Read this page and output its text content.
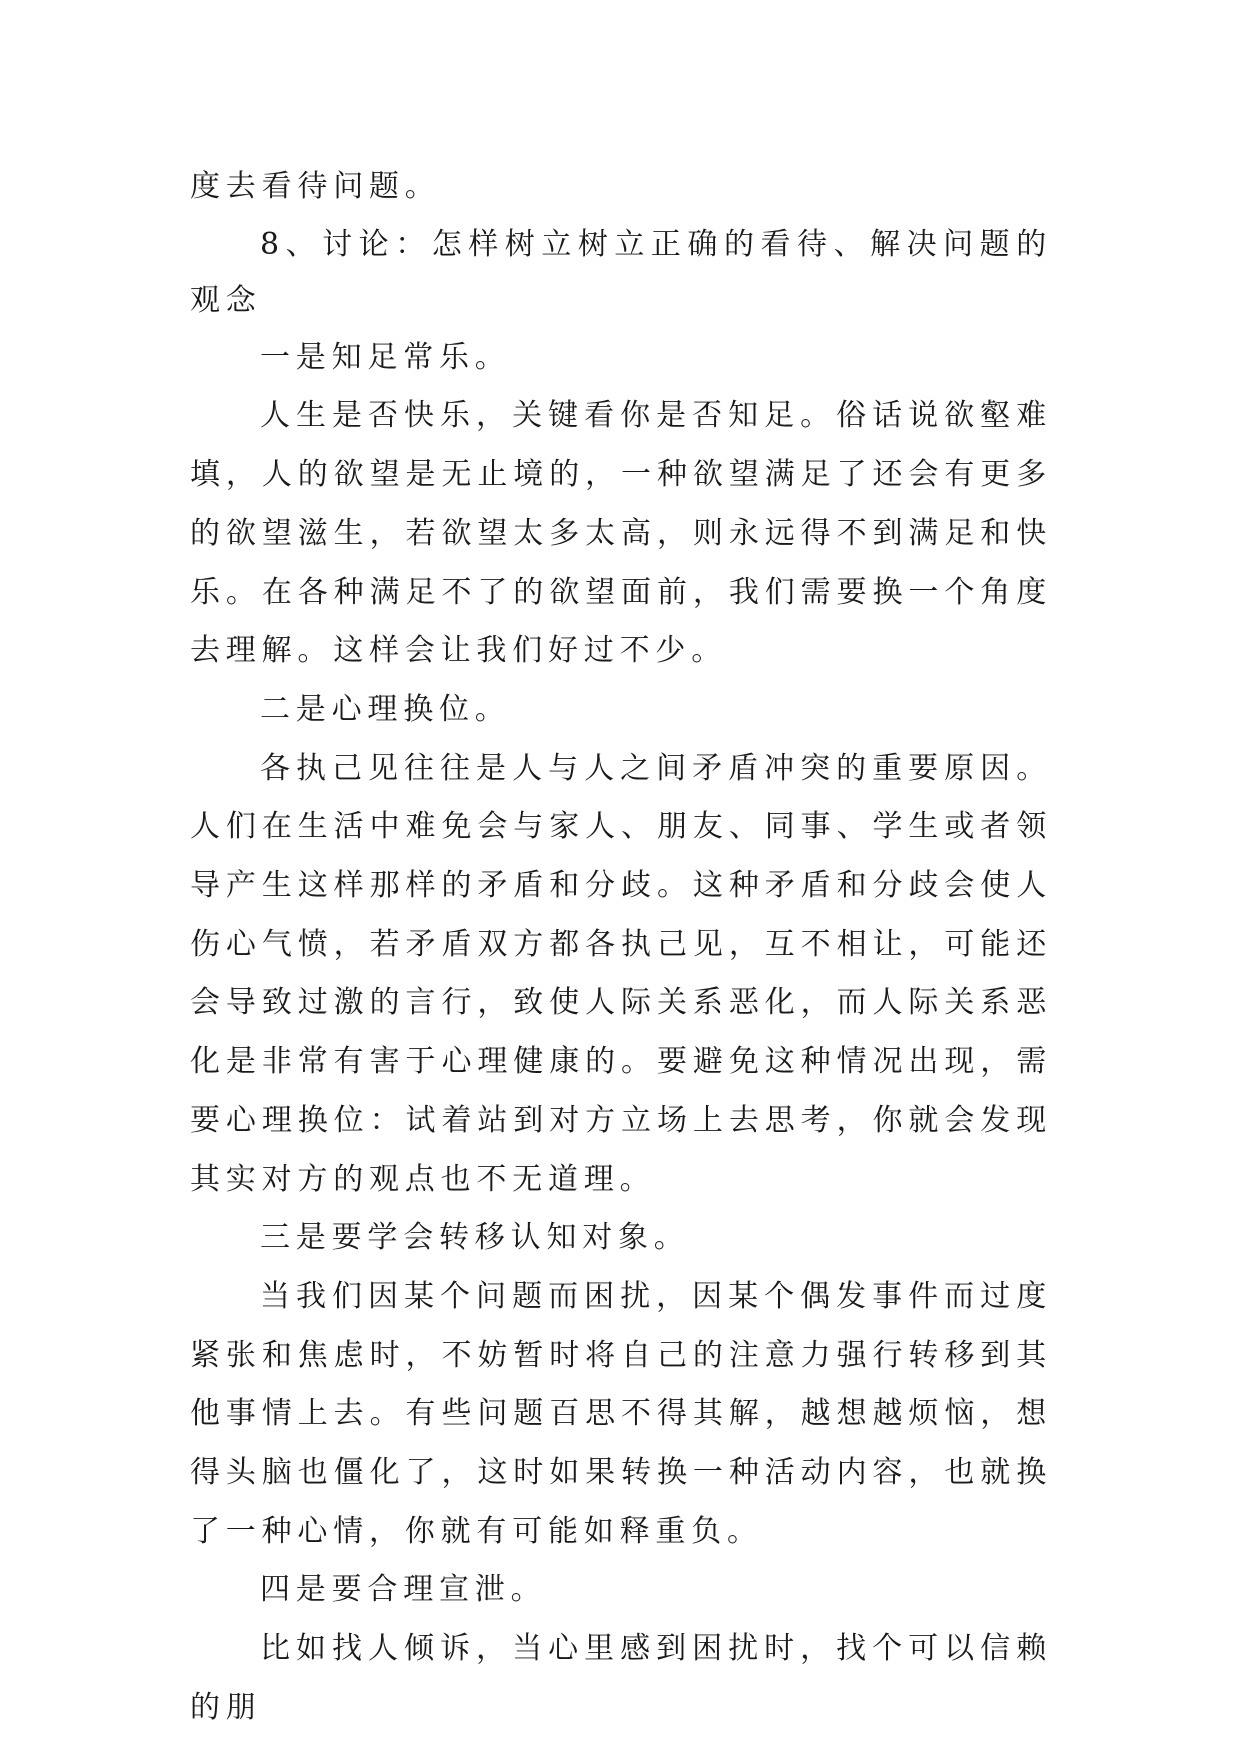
度去看待问题。

8、讨论：怎样树立树立正确的看待、解决问题的观念

一是知足常乐。

人生是否快乐，关键看你是否知足。俗话说欲壑难填，人的欲望是无止境的，一种欲望满足了还会有更多的欲望滋生，若欲望太多太高，则永远得不到满足和快乐。在各种满足不了的欲望面前，我们需要换一个角度去理解。这样会让我们好过不少。

二是心理换位。

各执己见往往是人与人之间矛盾冲突的重要原因。人们在生活中难免会与家人、朋友、同事、学生或者领导产生这样那样的矛盾和分歧。这种矛盾和分歧会使人伤心气愤，若矛盾双方都各执己见，互不相让，可能还会导致过激的言行，致使人际关系恶化，而人际关系恶化是非常有害于心理健康的。要避免这种情况出现，需要心理换位：试着站到对方立场上去思考，你就会发现其实对方的观点也不无道理。

三是要学会转移认知对象。

当我们因某个问题而困扰，因某个偶发事件而过度紧张和焦虑时，不妨暂时将自己的注意力强行转移到其他事情上去。有些问题百思不得其解，越想越烦恼，想得头脑也僵化了，这时如果转换一种活动内容，也就换了一种心情，你就有可能如释重负。

四是要合理宣泄。

比如找人倾诉，当心里感到困扰时，找个可以信赖的朋
